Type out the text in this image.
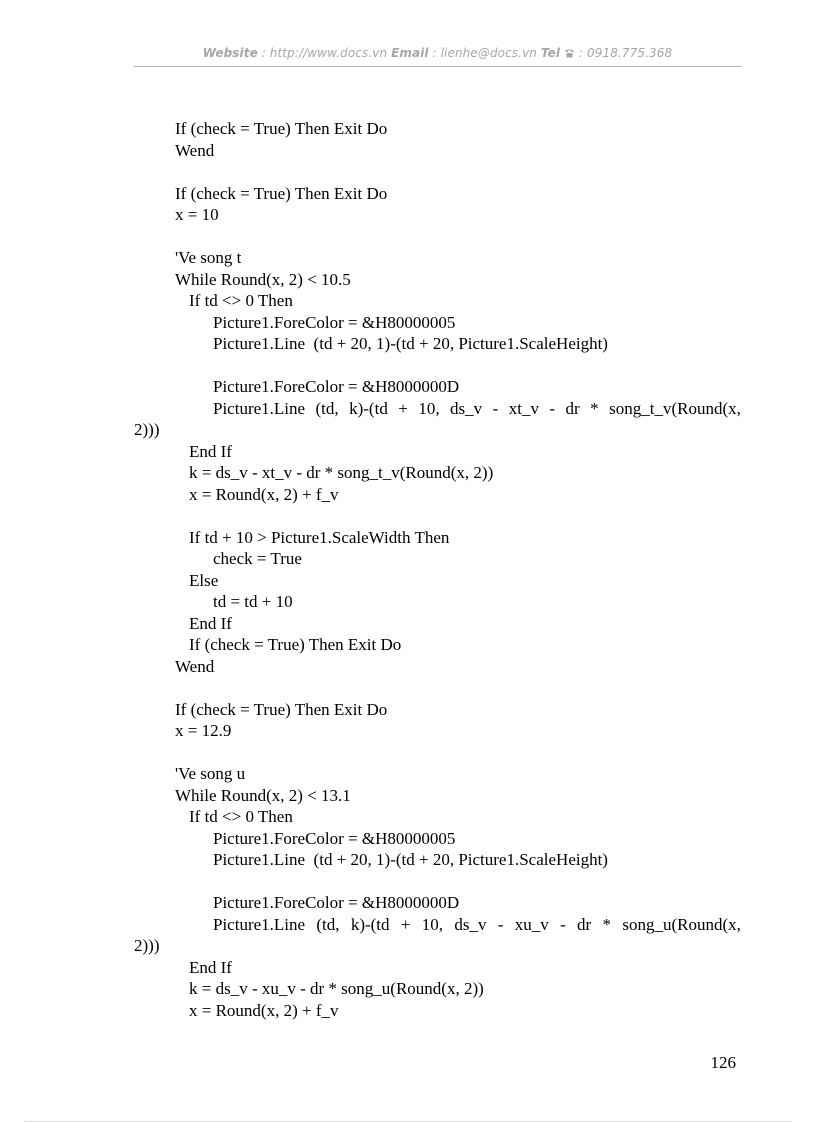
Website : http://www.docs.vn Email : lienhe@docs.vn Tel  : 0918.775.368
If (check = True) Then Exit Do
Wend
If (check = True) Then Exit Do
x = 10
'Ve song t
While Round(x, 2) < 10.5
If td <> 0 Then
Picture1.ForeColor = &H80000005
Picture1.Line  (td + 20, 1)-(td + 20, Picture1.ScaleHeight)
Picture1.ForeColor = &H8000000D
Picture1.Line (td, k)-(td + 10, ds_v - xt_v - dr * song_t_v(Round(x,
2)))
End If
k = ds_v - xt_v - dr * song_t_v(Round(x, 2))
x = Round(x, 2) + f_v
If td + 10 > Picture1.ScaleWidth Then
check = True
Else
td = td + 10
End If
If (check = True) Then Exit Do
Wend
If (check = True) Then Exit Do
x = 12.9
'Ve song u
While Round(x, 2) < 13.1
If td <> 0 Then
Picture1.ForeColor = &H80000005
Picture1.Line  (td + 20, 1)-(td + 20, Picture1.ScaleHeight)
Picture1.ForeColor = &H8000000D
Picture1.Line (td, k)-(td + 10, ds_v - xu_v - dr * song_u(Round(x,
2)))
End If
k = ds_v - xu_v - dr * song_u(Round(x, 2))
x = Round(x, 2) + f_v
126
